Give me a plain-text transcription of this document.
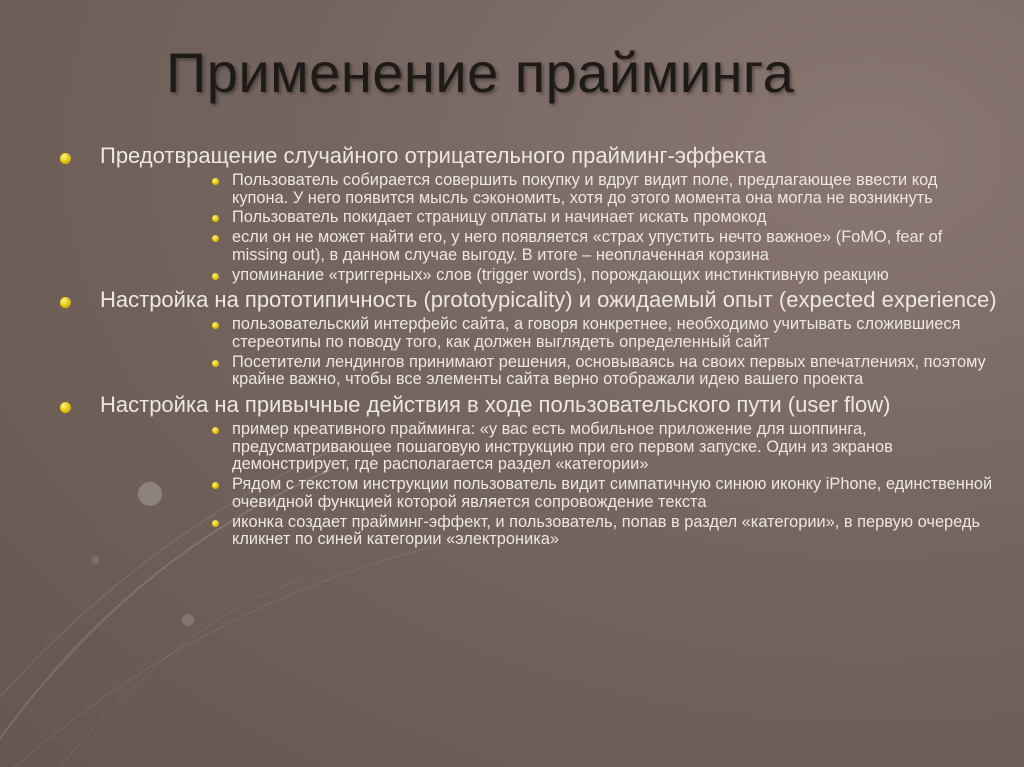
Применение прайминга
Предотвращение случайного отрицательного прайминг-эффекта
Пользователь собирается совершить покупку и вдруг видит поле, предлагающее ввести код купона. У него появится мысль сэкономить, хотя до этого момента она могла не возникнуть
Пользователь покидает страницу оплаты и начинает искать промокод
если он не может найти его, у него появляется «страх упустить нечто важное» (FoMO, fear of missing out), в данном случае выгоду. В итоге – неоплаченная корзина
упоминание «триггерных» слов (trigger words), порождающих инстинктивную реакцию
Настройка на прототипичность (prototypicality) и ожидаемый опыт (expected experience)
пользовательский интерфейс сайта, а говоря конкретнее, необходимо учитывать сложившиеся стереотипы по поводу того, как должен выглядеть определенный сайт
Посетители лендингов принимают решения, основываясь на своих первых впечатлениях, поэтому крайне важно, чтобы все элементы сайта верно отображали идею вашего проекта
Настройка на привычные действия в ходе пользовательского пути (user flow)
пример креативного прайминга: «у вас есть мобильное приложение для шоппинга, предусматривающее пошаговую инструкцию при его первом запуске. Один из экранов демонстрирует, где располагается раздел «категории»
Рядом с текстом инструкции пользователь видит симпатичную синюю иконку iPhone, единственной очевидной функцией которой является сопровождение текста
иконка создает прайминг-эффект, и пользователь, попав в раздел «категории», в первую очередь кликнет по синей категории «электроника»
